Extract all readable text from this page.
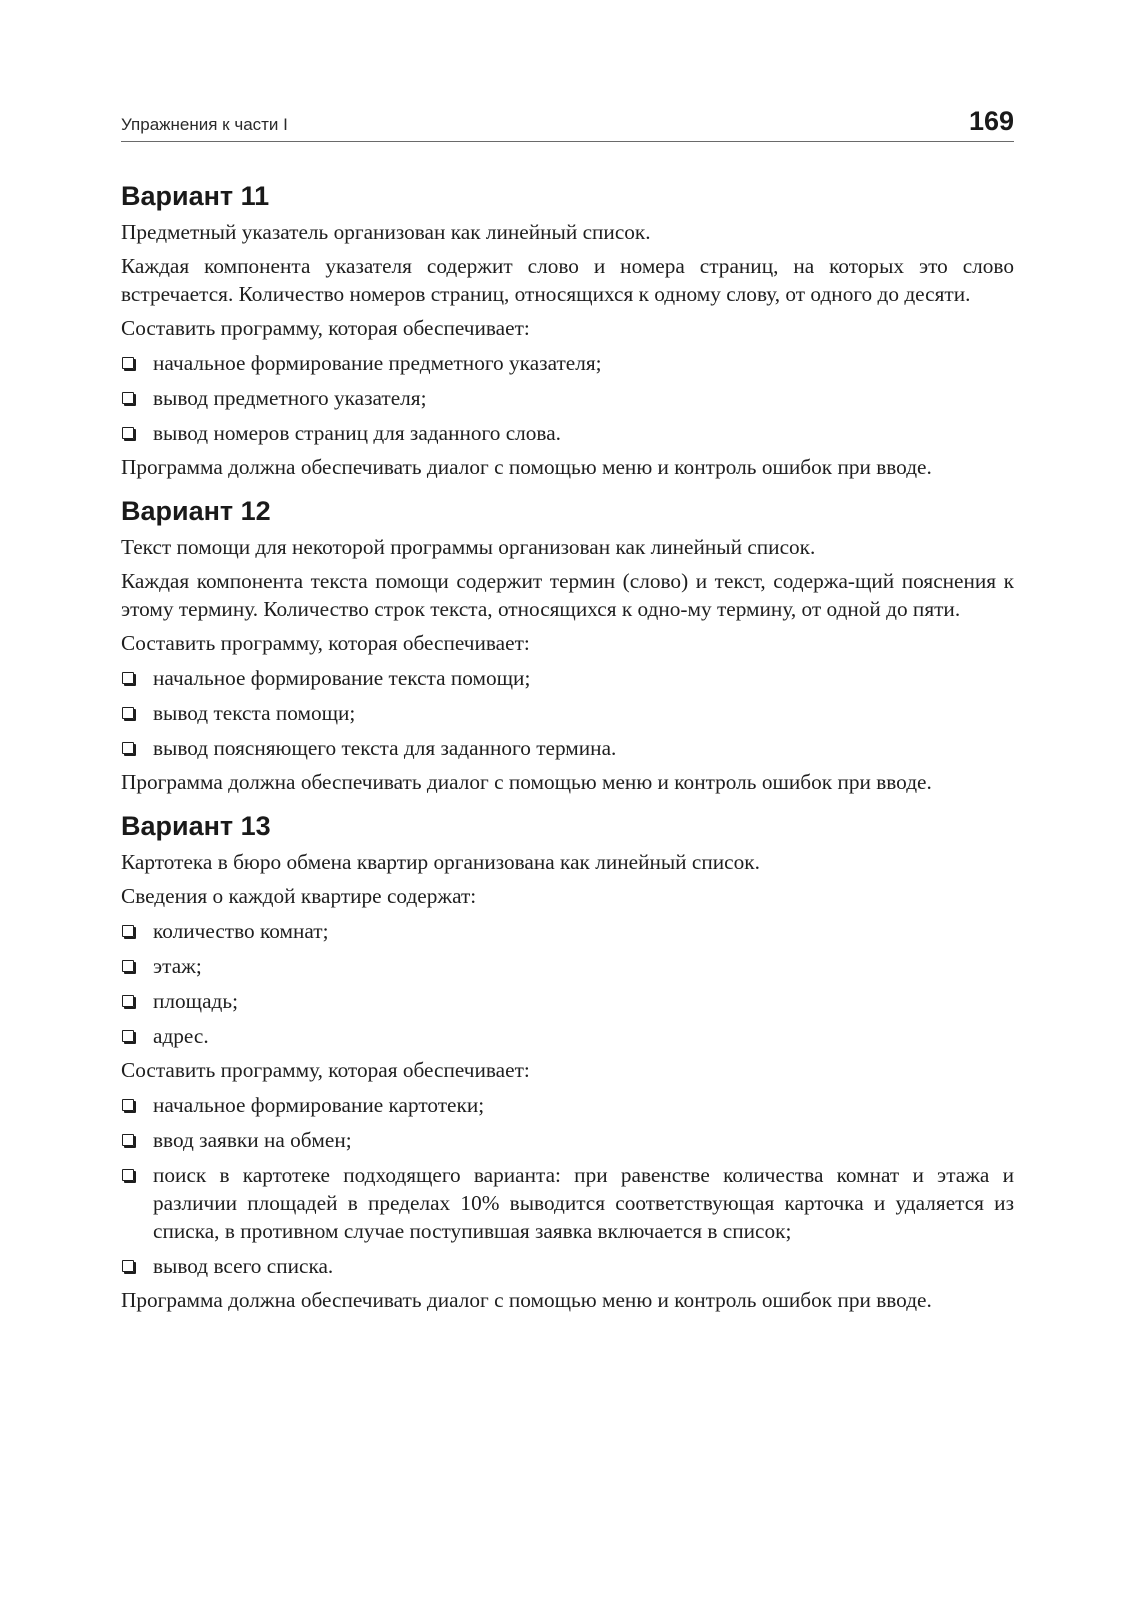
Упражнения к части I	169
Вариант 11

Предметный указатель организован как линейный список.

Каждая компонента указателя содержит слово и номера страниц, на которых это слово встречается. Количество номеров страниц, относящихся к одному слову, от одного до десяти.

Составить программу, которая обеспечивает:

начальное формирование предметного указателя;
вывод предметного указателя;
вывод номеров страниц для заданного слова.

Программа должна обеспечивать диалог с помощью меню и контроль ошибок при вводе.

Вариант 12

Текст помощи для некоторой программы организован как линейный список.

Каждая компонента текста помощи содержит термин (слово) и текст, содержа-щий пояснения к этому термину. Количество строк текста, относящихся к одно-му термину, от одной до пяти.

Составить программу, которая обеспечивает:

начальное формирование текста помощи;
вывод текста помощи;
вывод поясняющего текста для заданного термина.

Программа должна обеспечивать диалог с помощью меню и контроль ошибок при вводе.

Вариант 13

Картотека в бюро обмена квартир организована как линейный список.

Сведения о каждой квартире содержат:

количество комнат;
этаж;
площадь;
адрес.

Составить программу, которая обеспечивает:

начальное формирование картотеки;
ввод заявки на обмен;
поиск в картотеке подходящего варианта: при равенстве количества комнат и этажа и различии площадей в пределах 10% выводится соответствующая карточка и удаляется из списка, в противном случае поступившая заявка включается в список;
вывод всего списка.

Программа должна обеспечивать диалог с помощью меню и контроль ошибок при вводе.
